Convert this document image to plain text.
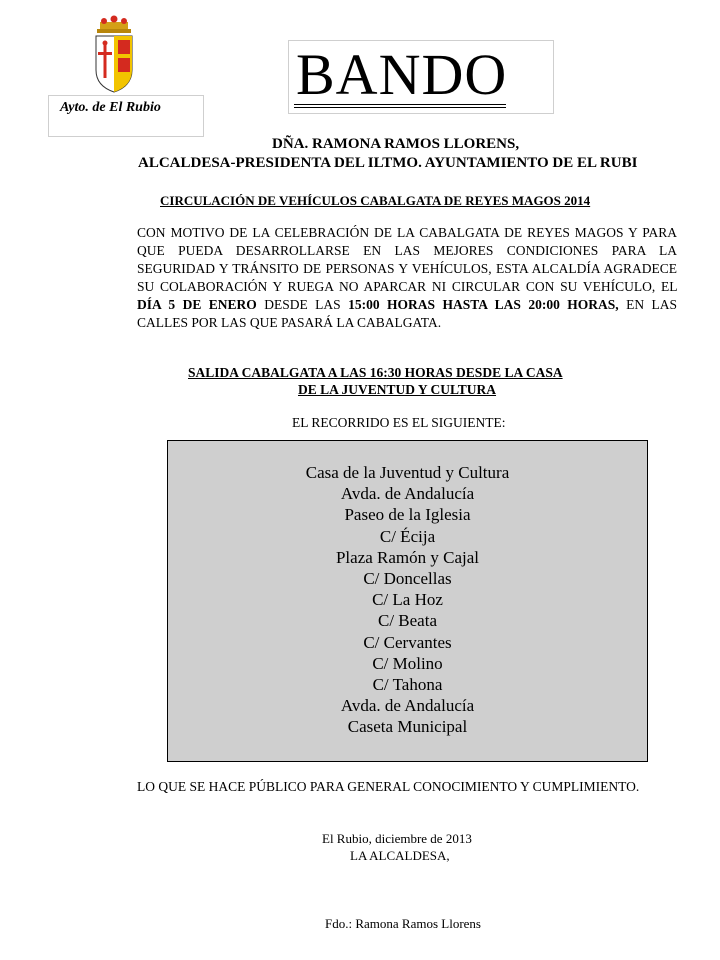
Ayto. de El Rubio
BANDO
DÑA. RAMONA RAMOS LLORENS,
ALCALDESA-PRESIDENTA DEL ILTMO. AYUNTAMIENTO DE EL RUBI
CIRCULACIÓN DE VEHÍCULOS CABALGATA DE REYES MAGOS 2014
CON MOTIVO DE LA CELEBRACIÓN DE LA CABALGATA DE REYES MAGOS Y PARA QUE PUEDA DESARROLLARSE EN LAS MEJORES CONDICIONES PARA LA SEGURIDAD Y TRÁNSITO DE PERSONAS Y VEHÍCULOS, ESTA ALCALDÍA AGRADECE SU COLABORACIÓN Y RUEGA NO APARCAR NI CIRCULAR CON SU VEHÍCULO, EL DÍA 5 DE ENERO DESDE LAS 15:00 HORAS HASTA LAS 20:00 HORAS, EN LAS CALLES POR LAS QUE PASARÁ LA CABALGATA.
SALIDA CABALGATA A LAS 16:30 HORAS DESDE LA CASA
DE LA JUVENTUD Y CULTURA
EL RECORRIDO ES EL SIGUIENTE:
Casa de la Juventud y Cultura
Avda. de Andalucía
Paseo de la Iglesia
C/ Écija
Plaza Ramón y Cajal
C/ Doncellas
C/ La Hoz
C/ Beata
C/ Cervantes
C/ Molino
C/ Tahona
Avda. de Andalucía
Caseta Municipal
LO QUE SE HACE PÚBLICO PARA GENERAL CONOCIMIENTO Y CUMPLIMIENTO.
El Rubio, diciembre de 2013
LA ALCALDESA,
Fdo.: Ramona Ramos Llorens
